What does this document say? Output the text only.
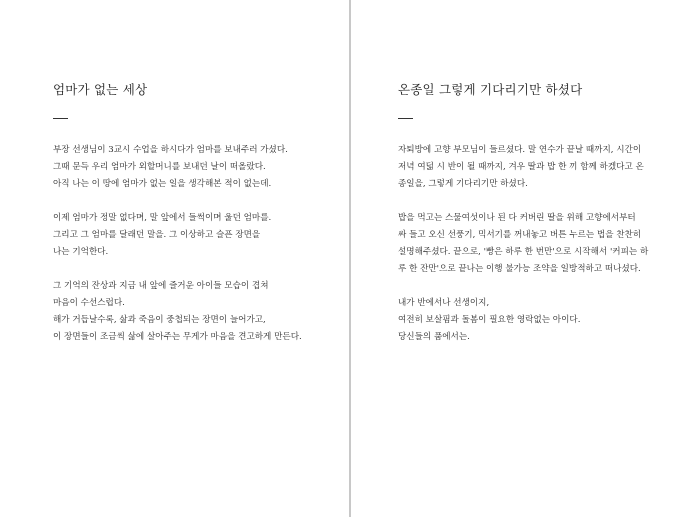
엄마가 없는 세상
부장 선생님이 3교시 수업을 하시다가 엄마를 보내주러 가셨다.
그때 문득 우리 엄마가 외할머니를 보내던 날이 떠올랐다.
아직 나는 이 땅에 엄마가 없는 일을 생각해본 적이 없는데.
이제 엄마가 정말 없다며, 말 앞에서 들썩이며 울던 엄마를.
그리고 그 엄마를 달래던 말을. 그 이상하고 슬픈 장면을
나는 기억한다.
그 기억의 잔상과 지금 내 앞에 즐거운 아이들 모습이 겹쳐
마음이 수선스럽다.
해가 거듭날수록, 삶과 죽음이 중첩되는 장면이 늘어가고,
이 장면들이 조금씩 삶에 살아주는 무게가 마음을 견고하게 만든다.
온종일 그렇게 기다리기만 하셨다
자퇴방에 고향 부모님이 들르셨다. 말 연수가 끝날 때까지, 시간이
저녁 여덟 시 반이 될 때까지, 겨우 딸과 밥 한 끼 함께 하겠다고 온
종일을, 그렇게 기다리기만 하셨다.
밥을 먹고는 스물여섯이나 된 다 커버린 딸을 위해 고향에서부터
싸 들고 오신 선풍기, 믹서기를 꺼내놓고 버튼 누르는 법을 찬찬히
설명해주셨다. 끝으로, '빵은 하루 한 번만'으로 시작해서 '커피는 하
루 한 잔만'으로 끝나는 이행 불가능 조약을 일방적하고 떠나셨다.
내가 반에서나 선생이지,
여전히 보살핌과 돌봄이 필요한 영락없는 아이다.
당신들의 품에서는.
